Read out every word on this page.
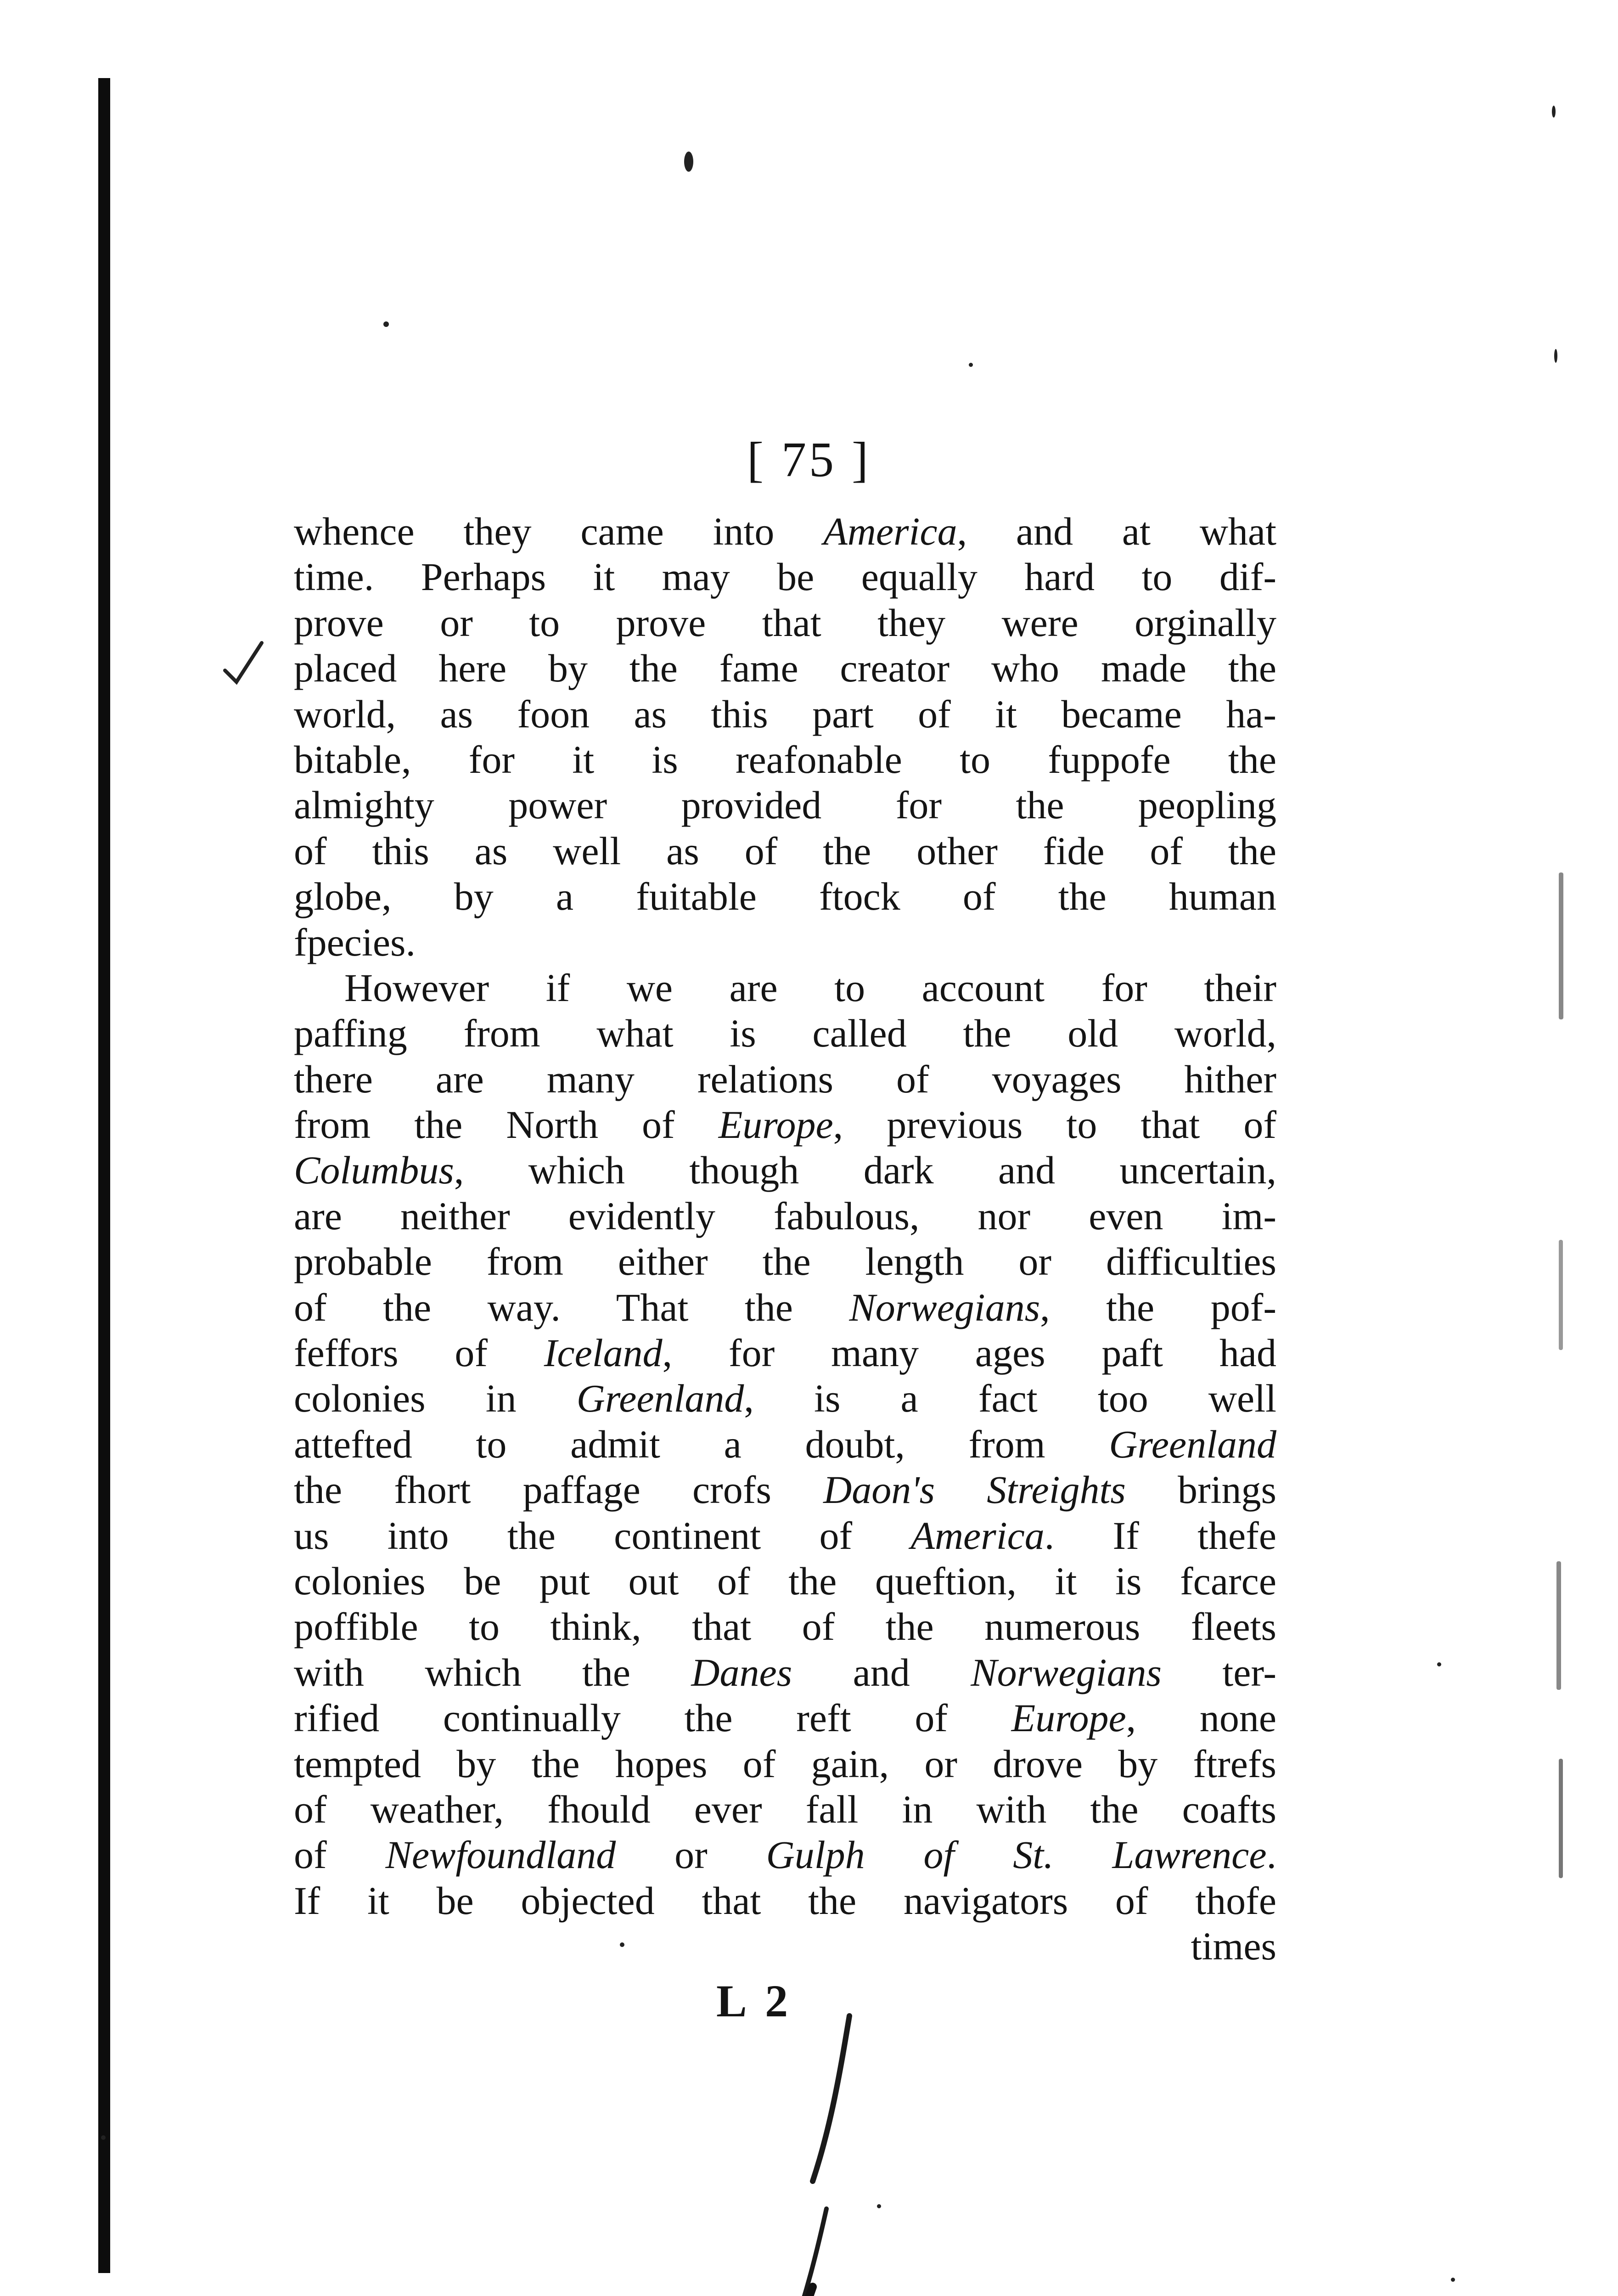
[ 75 ]
whence they came into America, and at what
time. Perhaps it may be equally hard to dif-
prove or to prove that they were orginally
placed here by the fame creator who made the
world, as foon as this part of it became ha-
bitable, for it is reafonable to fuppofe the
almighty power provided for the peopling
of this as well as of the other fide of the
globe, by a fuitable ftock of the human
fpecies.
However if we are to account for their
paffing from what is called the old world,
there are many relations of voyages hither
from the North of Europe, previous to that of
Columbus, which though dark and uncertain,
are neither evidently fabulous, nor even im-
probable from either the length or difficulties
of the way. That the Norwegians, the pof-
feffors of Iceland, for many ages paft had
colonies in Greenland, is a fact too well
attefted to admit a doubt, from Greenland
the fhort paffage crofs Daon's Streights brings
us into the continent of America. If thefe
colonies be put out of the queftion, it is fcarce
poffible to think, that of the numerous fleets
with which the Danes and Norwegians ter-
rified continually the reft of Europe, none
tempted by the hopes of gain, or drove by ftrefs
of weather, fhould ever fall in with the coafts
of Newfoundland or Gulph of St. Lawrence.
If it be objected that the navigators of thofe
times
L 2
